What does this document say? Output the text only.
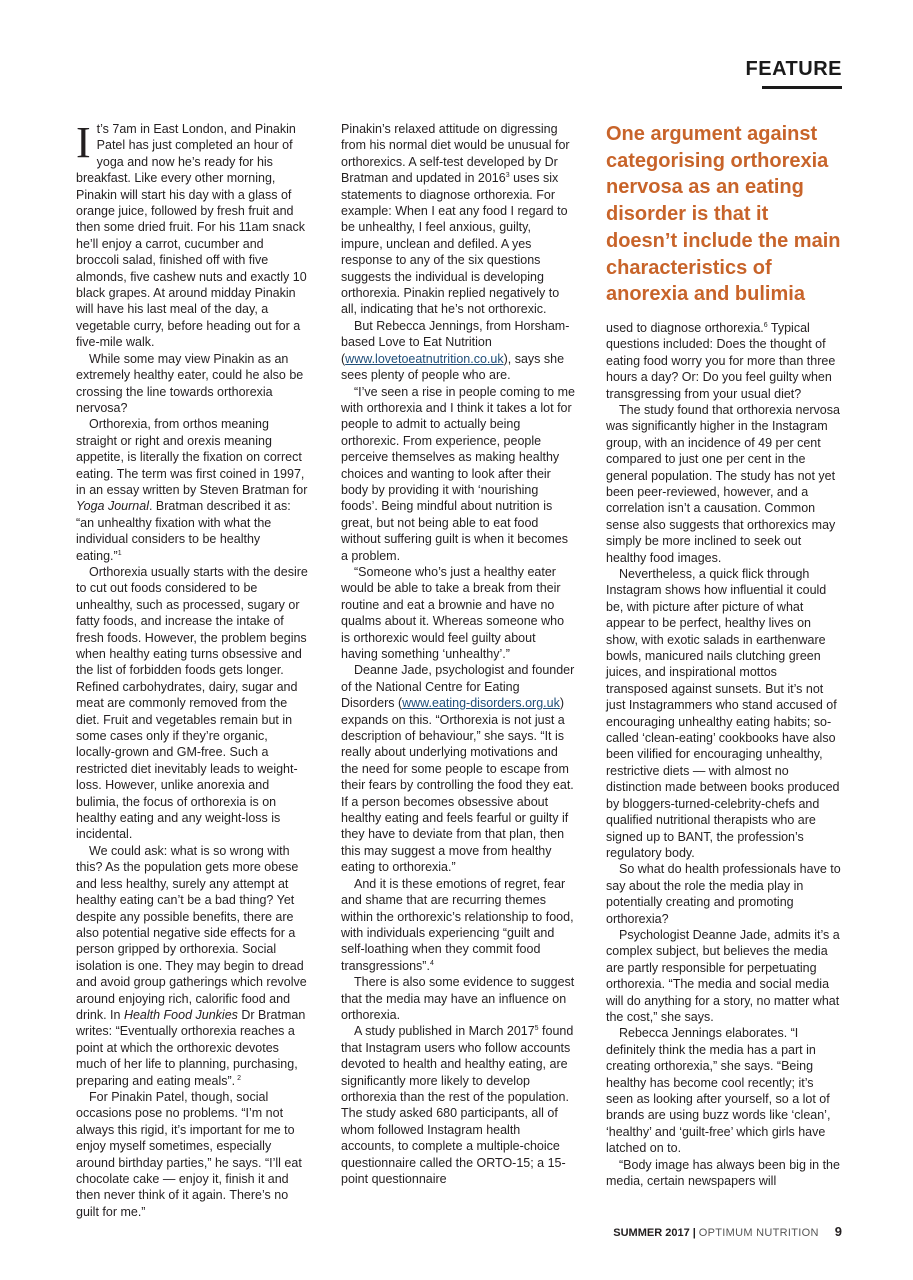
FEATURE

It’s 7am in East London, and Pinakin Patel has just completed an hour of yoga and now he’s ready for his breakfast. Like every other morning, Pinakin will start his day with a glass of orange juice, followed by fresh fruit and then some dried fruit. For his 11am snack he’ll enjoy a carrot, cucumber and broccoli salad, finished off with five almonds, five cashew nuts and exactly 10 black grapes. At around midday Pinakin will have his last meal of the day, a vegetable curry, before heading out for a five-mile walk.

While some may view Pinakin as an extremely healthy eater, could he also be crossing the line towards orthorexia nervosa?

Orthorexia, from orthos meaning straight or right and orexis meaning appetite, is literally the fixation on correct eating. The term was first coined in 1997, in an essay written by Steven Bratman for Yoga Journal. Bratman described it as: “an unhealthy fixation with what the individual considers to be healthy eating.”$^1$

Orthorexia usually starts with the desire to cut out foods considered to be unhealthy, such as processed, sugary or fatty foods, and increase the intake of fresh foods. However, the problem begins when healthy eating turns obsessive and the list of forbidden foods gets longer. Refined carbohydrates, dairy, sugar and meat are commonly removed from the diet. Fruit and vegetables remain but in some cases only if they’re organic, locally-grown and GM-free. Such a restricted diet inevitably leads to weight-loss. However, unlike anorexia and bulimia, the focus of orthorexia is on healthy eating and any weight-loss is incidental.

We could ask: what is so wrong with this? As the population gets more obese and less healthy, surely any attempt at healthy eating can’t be a bad thing? Yet despite any possible benefits, there are also potential negative side effects for a person gripped by orthorexia. Social isolation is one. They may begin to dread and avoid group gatherings which revolve around enjoying rich, calorific food and drink. In Health Food Junkies Dr Bratman writes: “Eventually orthorexia reaches a point at which the orthorexic devotes much of her life to planning, purchasing, preparing and eating meals”. $^2$

For Pinakin Patel, though, social occasions pose no problems. “I’m not always this rigid, it’s important for me to enjoy myself sometimes, especially around birthday parties,” he says. “I’ll eat chocolate cake — enjoy it, finish it and then never think of it again. There’s no guilt for me.”

Pinakin’s relaxed attitude on digressing from his normal diet would be unusual for orthorexics. A self-test developed by Dr Bratman and updated in 2016$^3$ uses six statements to diagnose orthorexia. For example: When I eat any food I regard to be unhealthy, I feel anxious, guilty, impure, unclean and defiled. A yes response to any of the six questions suggests the individual is developing orthorexia. Pinakin replied negatively to all, indicating that he’s not orthorexic.

But Rebecca Jennings, from Horsham-based Love to Eat Nutrition (www.lovetoeatnutrition.co.uk), says she sees plenty of people who are.

“I’ve seen a rise in people coming to me with orthorexia and I think it takes a lot for people to admit to actually being orthorexic. From experience, people perceive themselves as making healthy choices and wanting to look after their body by providing it with ‘nourishing foods’. Being mindful about nutrition is great, but not being able to eat food without suffering guilt is when it becomes a problem.

“Someone who’s just a healthy eater would be able to take a break from their routine and eat a brownie and have no qualms about it. Whereas someone who is orthorexic would feel guilty about having something ‘unhealthy’.”

Deanne Jade, psychologist and founder of the National Centre for Eating Disorders (www.eating-disorders.org.uk) expands on this. “Orthorexia is not just a description of behaviour,” she says. “It is really about underlying motivations and the need for some people to escape from their fears by controlling the food they eat. If a person becomes obsessive about healthy eating and feels fearful or guilty if they have to deviate from that plan, then this may suggest a move from healthy eating to orthorexia.”

And it is these emotions of regret, fear and shame that are recurring themes within the orthorexic’s relationship to food, with individuals experiencing “guilt and self-loathing when they commit food transgressions”.$^4$

There is also some evidence to suggest that the media may have an influence on orthorexia.

A study published in March 2017$^5$ found that Instagram users who follow accounts devoted to health and healthy eating, are significantly more likely to develop orthorexia than the rest of the population. The study asked 680 participants, all of whom followed Instagram health accounts, to complete a multiple-choice questionnaire called the ORTO-15; a 15-point questionnaire

One argument against categorising orthorexia nervosa as an eating disorder is that it doesn’t include the main characteristics of anorexia and bulimia

used to diagnose orthorexia.$^6$ Typical questions included: Does the thought of eating food worry you for more than three hours a day? Or: Do you feel guilty when transgressing from your usual diet?

The study found that orthorexia nervosa was significantly higher in the Instagram group, with an incidence of 49 per cent compared to just one per cent in the general population. The study has not yet been peer-reviewed, however, and a correlation isn’t a causation. Common sense also suggests that orthorexics may simply be more inclined to seek out healthy food images.

Nevertheless, a quick flick through Instagram shows how influential it could be, with picture after picture of what appear to be perfect, healthy lives on show, with exotic salads in earthenware bowls, manicured nails clutching green juices, and inspirational mottos transposed against sunsets. But it’s not just Instagrammers who stand accused of encouraging unhealthy eating habits; so-called ‘clean-eating’ cookbooks have also been vilified for encouraging unhealthy, restrictive diets — with almost no distinction made between books produced by bloggers-turned-celebrity-chefs and qualified nutritional therapists who are signed up to BANT, the profession’s regulatory body.

So what do health professionals have to say about the role the media play in potentially creating and promoting orthorexia?

Psychologist Deanne Jade, admits it’s a complex subject, but believes the media are partly responsible for perpetuating orthorexia. “The media and social media will do anything for a story, no matter what the cost,” she says.

Rebecca Jennings elaborates. “I definitely think the media has a part in creating orthorexia,” she says. “Being healthy has become cool recently; it’s seen as looking after yourself, so a lot of brands are using buzz words like ‘clean’, ‘healthy’ and ‘guilt-free’ which girls have latched on to.

“Body image has always been big in the media, certain newspapers will

SUMMER 2017 | OPTIMUM NUTRITION 9
